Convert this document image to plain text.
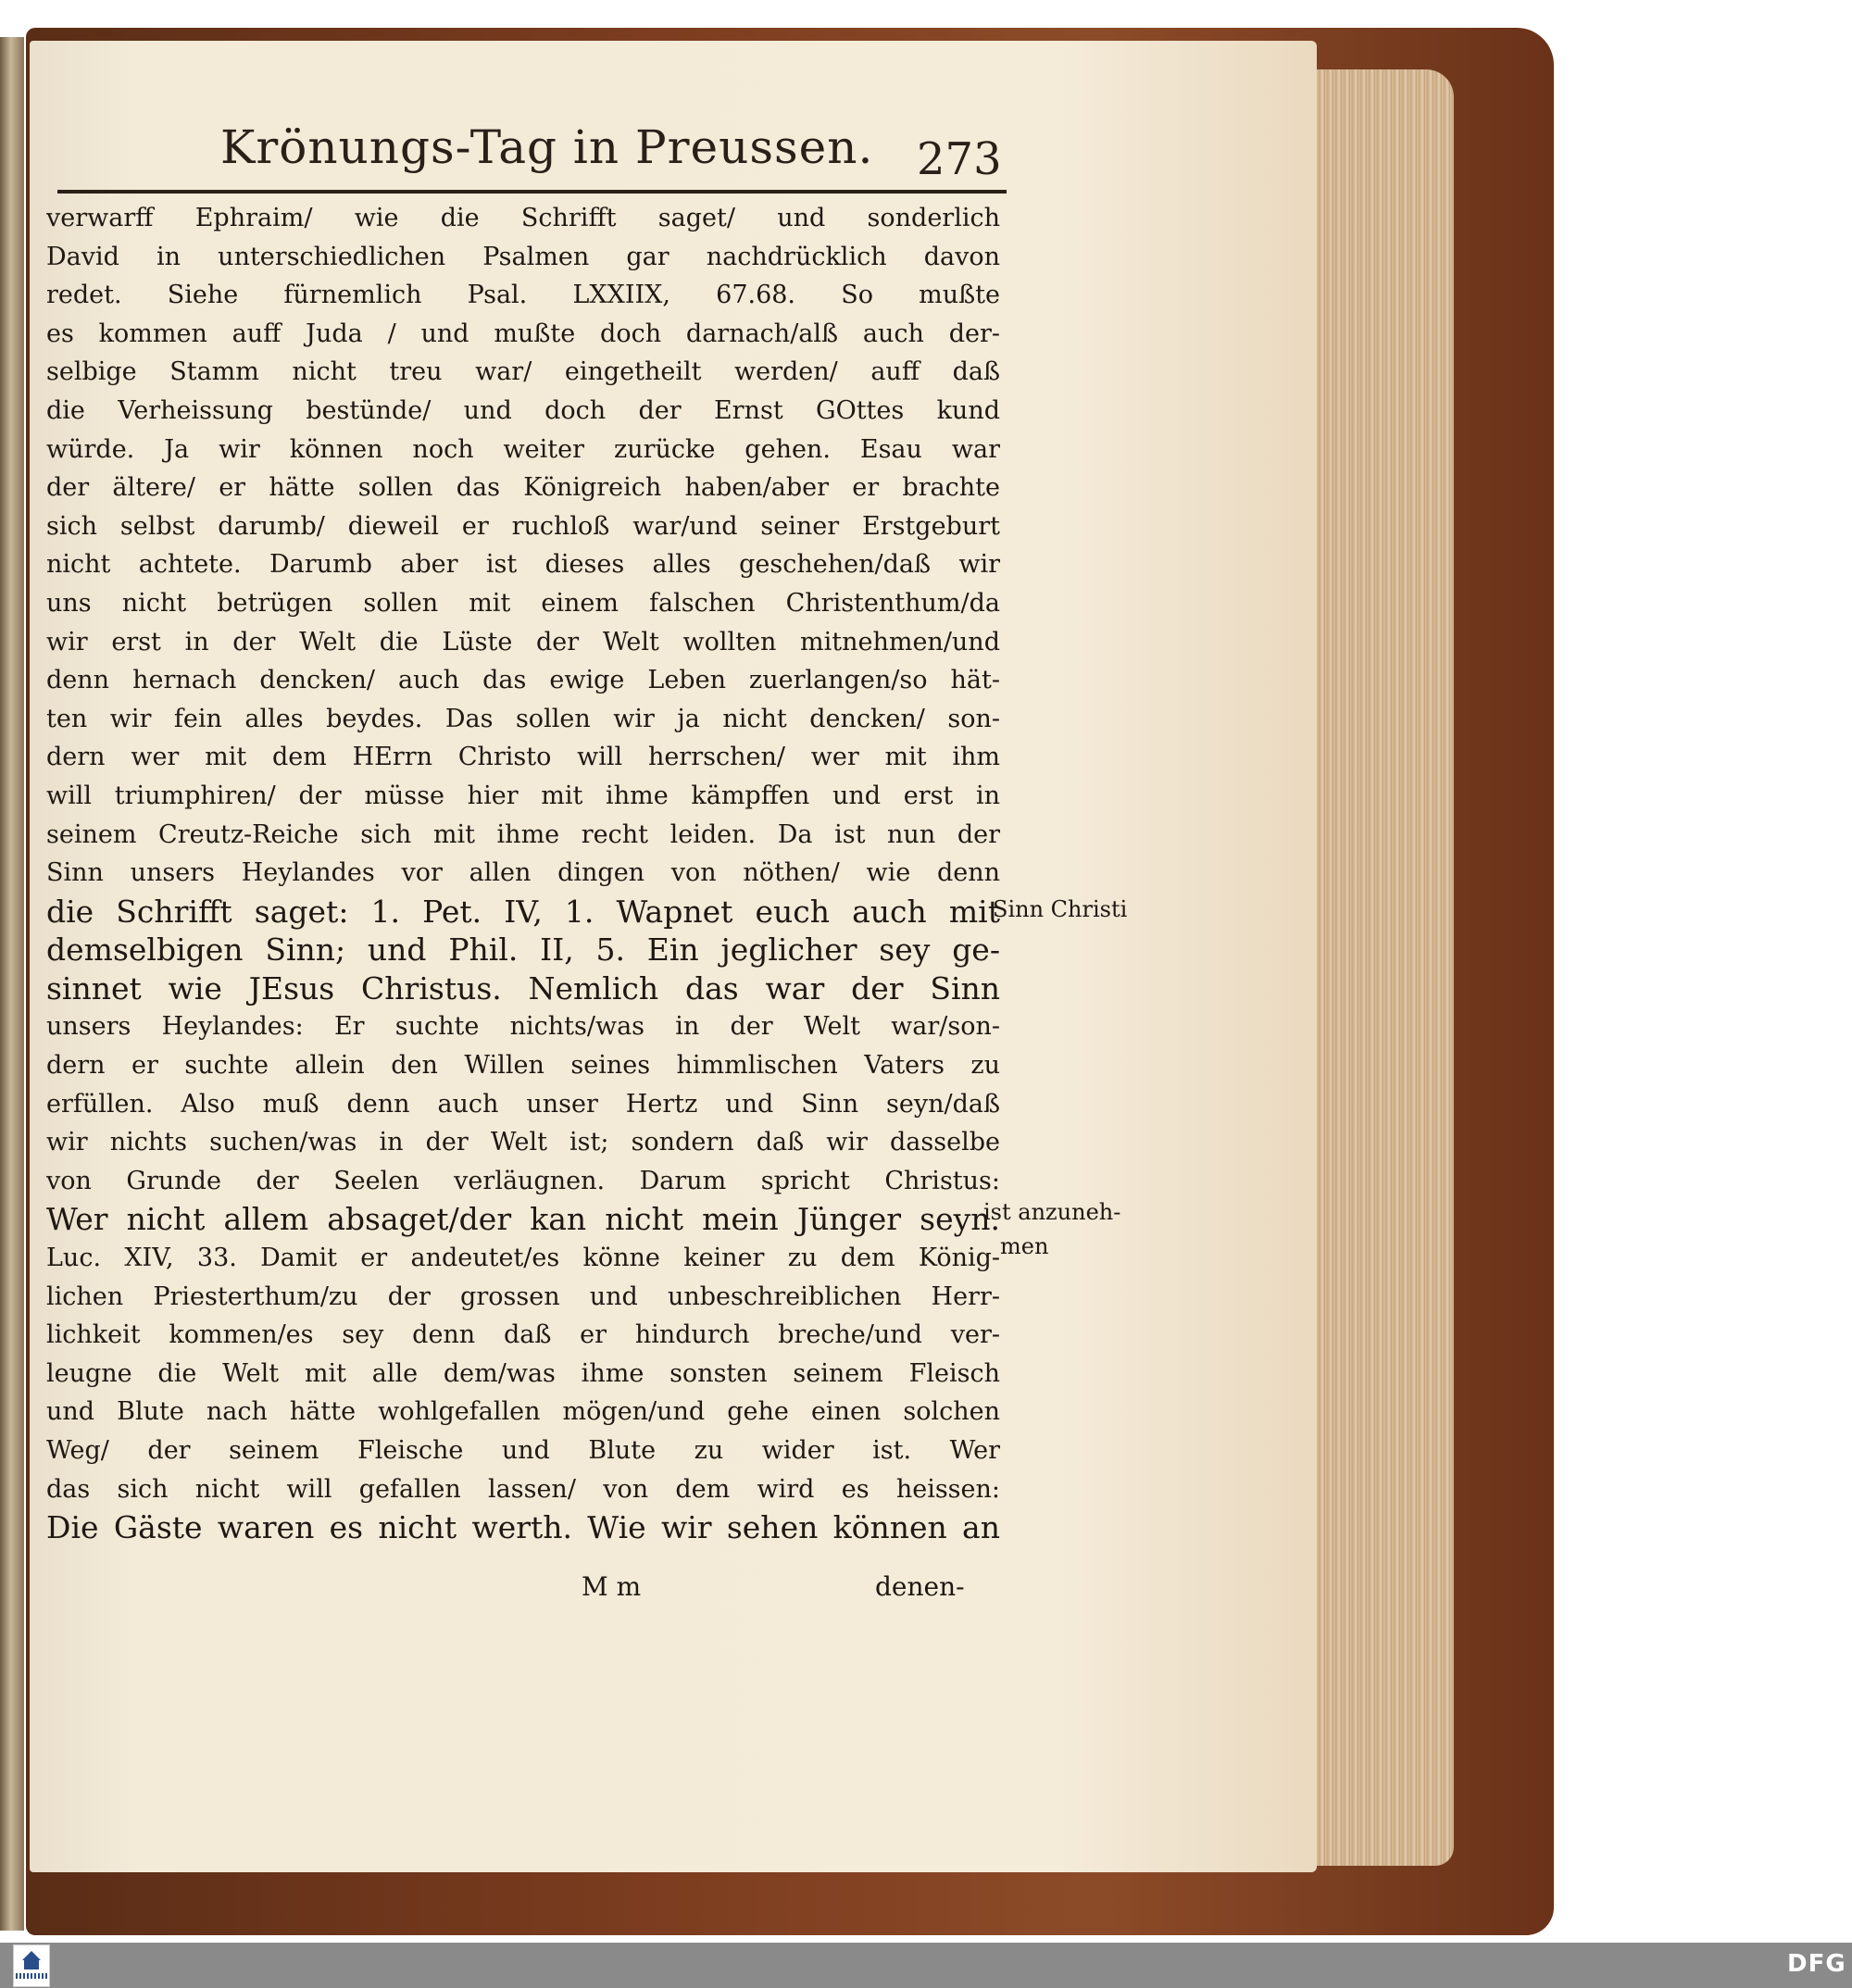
Krönungs-Tag in Preussen. 273
verwarff Ephraim/ wie die Schrifft saget/ und sonderlich
David in unterschiedlichen Psalmen gar nachdrücklich davon
redet. Siehe fürnemlich Psal. LXXIIX, 67.68. So mußte
es kommen auff Juda / und mußte doch darnach/alß auch der-
selbige Stamm nicht treu war/ eingetheilt werden/ auff daß
die Verheissung bestünde/ und doch der Ernst GOttes kund
würde. Ja wir können noch weiter zurücke gehen. Esau war
der ältere/ er hätte sollen das Königreich haben/aber er brachte
sich selbst darumb/ dieweil er ruchloß war/und seiner Erstgeburt
nicht achtete. Darumb aber ist dieses alles geschehen/daß wir
uns nicht betrügen sollen mit einem falschen Christenthum/da
wir erst in der Welt die Lüste der Welt wollten mitnehmen/und
denn hernach dencken/ auch das ewige Leben zuerlangen/so hät-
ten wir fein alles beydes. Das sollen wir ja nicht dencken/ son-
dern wer mit dem HErrn Christo will herrschen/ wer mit ihm
will triumphiren/ der müsse hier mit ihme kämpffen und erst in
seinem Creutz-Reiche sich mit ihme recht leiden. Da ist nun der
Sinn unsers Heylandes vor allen dingen von nöthen/ wie denn
die Schrifft saget: 1. Pet. IV, 1. Wapnet euch auch mit
demselbigen Sinn; und Phil. II, 5. Ein jeglicher sey ge-
sinnet wie JEsus Christus. Nemlich das war der Sinn
unsers Heylandes: Er suchte nichts/was in der Welt war/son-
dern er suchte allein den Willen seines himmlischen Vaters zu
erfüllen. Also muß denn auch unser Hertz und Sinn seyn/daß
wir nichts suchen/was in der Welt ist; sondern daß wir dasselbe
von Grunde der Seelen verläugnen. Darum spricht Christus:
Wer nicht allem absaget/der kan nicht mein Jünger seyn.
Luc. XIV, 33. Damit er andeutet/es könne keiner zu dem König-
lichen Priesterthum/zu der grossen und unbeschreiblichen Herr-
lichkeit kommen/es sey denn daß er hindurch breche/und ver-
leugne die Welt mit alle dem/was ihme sonsten seinem Fleisch
und Blute nach hätte wohlgefallen mögen/und gehe einen solchen
Weg/ der seinem Fleische und Blute zu wider ist. Wer
das sich nicht will gefallen lassen/ von dem wird es heissen:
Die Gäste waren es nicht werth. Wie wir sehen können an
Sinn Christi
ist anzuneh-
men
M m	denen-
DFG
